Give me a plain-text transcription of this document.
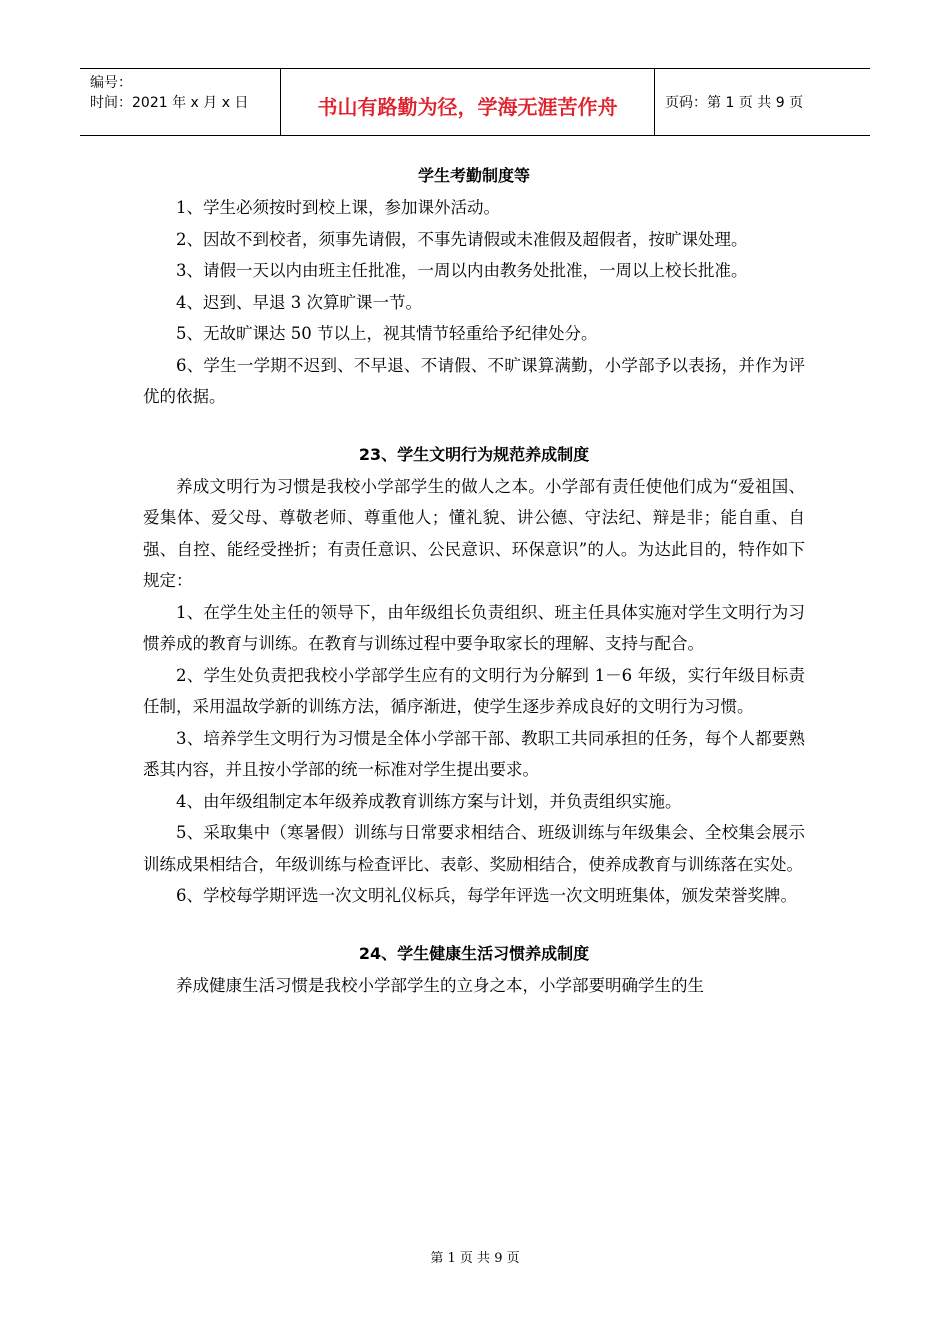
编号：
时间：2021 年 x 月 x 日	书山有路勤为径，学海无涯苦作舟	页码：第 1 页 共 9 页
学生考勤制度等

1、学生必须按时到校上课，参加课外活动。

2、因故不到校者，须事先请假，不事先请假或未准假及超假者，按旷课处理。

3、请假一天以内由班主任批准，一周以内由教务处批准，一周以上校长批准。

4、迟到、早退 3 次算旷课一节。

5、无故旷课达 50 节以上，视其情节轻重给予纪律处分。

6、学生一学期不迟到、不早退、不请假、不旷课算满勤，小学部予以表扬，并作为评优的依据。

23、学生文明行为规范养成制度

养成文明行为习惯是我校小学部学生的做人之本。小学部有责任使他们成为“爱祖国、爱集体、爱父母、尊敬老师、尊重他人；懂礼貌、讲公德、守法纪、辩是非；能自重、自强、自控、能经受挫折；有责任意识、公民意识、环保意识”的人。为达此目的，特作如下规定：

1、在学生处主任的领导下，由年级组长负责组织、班主任具体实施对学生文明行为习惯养成的教育与训练。在教育与训练过程中要争取家长的理解、支持与配合。

2、学生处负责把我校小学部学生应有的文明行为分解到 1－6 年级，实行年级目标责任制，采用温故学新的训练方法，循序渐进，使学生逐步养成良好的文明行为习惯。

3、培养学生文明行为习惯是全体小学部干部、教职工共同承担的任务，每个人都要熟悉其内容，并且按小学部的统一标准对学生提出要求。

4、由年级组制定本年级养成教育训练方案与计划，并负责组织实施。

5、采取集中（寒暑假）训练与日常要求相结合、班级训练与年级集会、全校集会展示训练成果相结合，年级训练与检查评比、表彰、奖励相结合，使养成教育与训练落在实处。

6、学校每学期评选一次文明礼仪标兵，每学年评选一次文明班集体，颁发荣誉奖牌。

24、学生健康生活习惯养成制度

养成健康生活习惯是我校小学部学生的立身之本，小学部要明确学生的生

第 1 页 共 9 页
